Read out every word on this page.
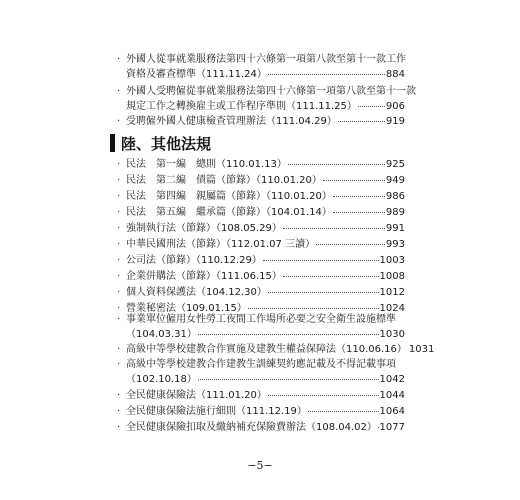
· 外國人從事就業服務法第四十六條第一項第八款至第十一款工作
資格及審查標準（111.11.24）	884
· 外國人受聘僱從事就業服務法第四十六條第一項第八款至第十一款
規定工作之轉換雇主或工作程序準則（111.11.25）	906
· 受聘僱外國人健康檢查管理辦法（111.04.29）	919
陸、其他法規
· 民法　第一編　總則（110.01.13）	925
· 民法　第二編　債篇（節錄）（110.01.20）	949
· 民法　第四編　親屬篇（節錄）（110.01.20）	986
· 民法　第五編　繼承篇（節錄）（104.01.14）	989
· 強制執行法（節錄）（108.05.29）	991
· 中華民國刑法（節錄）（112.01.07 三讀）	993
· 公司法（節錄）（110.12.29）	1003
· 企業併購法（節錄）（111.06.15）	1008
· 個人資料保護法（104.12.30）	1012
· 營業秘密法（109.01.15）	1024
· 事業單位僱用女性勞工夜間工作場所必要之安全衛生設施標準
（104.03.31）	1030
· 高級中等學校建教合作實施及建教生權益保障法（110.06.16） 1031
· 高級中等學校建教合作建教生訓練契約應記載及不得記載事項
（102.10.18）	1042
· 全民健康保險法（111.01.20）	1044
· 全民健康保險法施行細則（111.12.19）	1064
· 全民健康保險扣取及繳納補充保險費辦法（108.04.02） 1077
−5−
